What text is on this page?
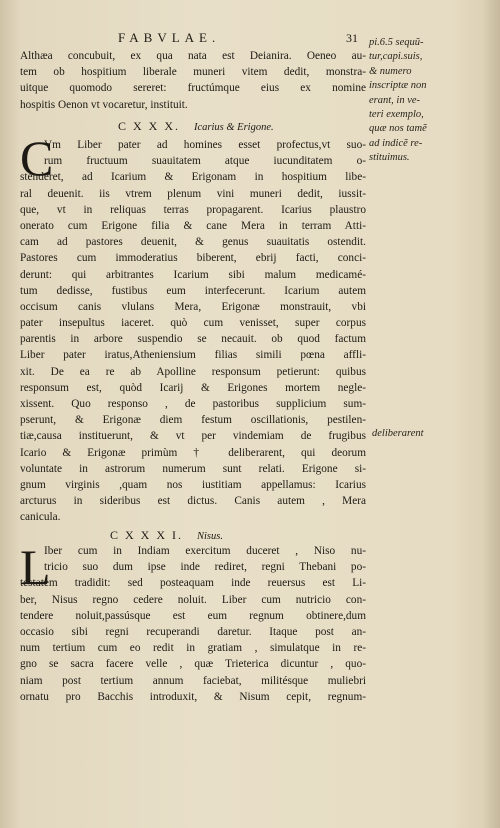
FABVLAE.	31
Althæa concubuit, ex qua nata est Deianira. Oeneo au-
tem ob hospitium liberale muneri vitem dedit, monstra-
uitque quomodo sereret: fructúmque eius ex nomine
hospitis Oenon vt vocaretur, instituit.
C X X X. Icarius & Erigone.
C
Vm Liber pater ad homines esset profectus,vt suo-
rum fructuum suauitatem atque iucunditatem o-
stenderet, ad Icarium & Erigonam in hospitium libe-
ral deuenit. iis vtrem plenum vini muneri dedit, iussit-
que, vt in reliquas terras propagarent. Icarius plaustro
onerato cum Erigone filia & cane Mera in terram Atti-
cam ad pastores deuenit, & genus suauitatis ostendit.
Pastores cum immoderatius biberent, ebrij facti, conci-
derunt: qui arbitrantes Icarium sibi malum medicamé-
tum dedisse, fustibus eum interfecerunt. Icarium autem
occisum canis vlulans Mera, Erigonæ monstrauit, vbi
pater insepultus iaceret. quò cum venisset, super corpus
parentis in arbore suspendio se necauit. ob quod factum
Liber pater iratus,Atheniensium filias simili pœna affli-
xit. De ea re ab Apolline responsum petierunt: quibus
responsum est, quòd Icarij & Erigones mortem negle-
xissent. Quo responso , de pastoribus supplicium sum-
pserunt, & Erigonæ diem festum oscillationis, pestilen-
tiæ,causa instituerunt, & vt per vindemiam de frugibus
Icario & Erigonæ primùm † deliberarent, qui deorum
voluntate in astrorum numerum sunt relati. Erigone si-
gnum virginis ,quam nos iustitiam appellamus: Icarius
arcturus in sideribus est dictus. Canis autem , Mera
canicula.
C X X X I. Nisus.
L
Iber cum in Indiam exercitum duceret , Niso nu-
tricio suo dum ipse inde rediret, regni Thebani po-
testatem tradidit: sed posteaquam inde reuersus est Li-
ber, Nisus regno cedere noluit. Liber cum nutricio con-
tendere noluit,passúsque est eum regnum obtinere,dum
occasio sibi regni recuperandi daretur. Itaque post an-
num tertium cum eo redit in gratiam , simulatque in re-
gno se sacra facere velle , quæ Trieterica dicuntur , quo-
niam post tertium annum faciebat, militésque muliebri
ornatu pro Bacchis introduxit, & Nisum cepit, regnum-
pi.6.5 sequũ-
tur,capi.suis,
& numero
inscriptæ non
erant, in ve-
teri exemplo,
quæ nos tamẽ
ad indicẽ re-
stituimus.
deliberarent
